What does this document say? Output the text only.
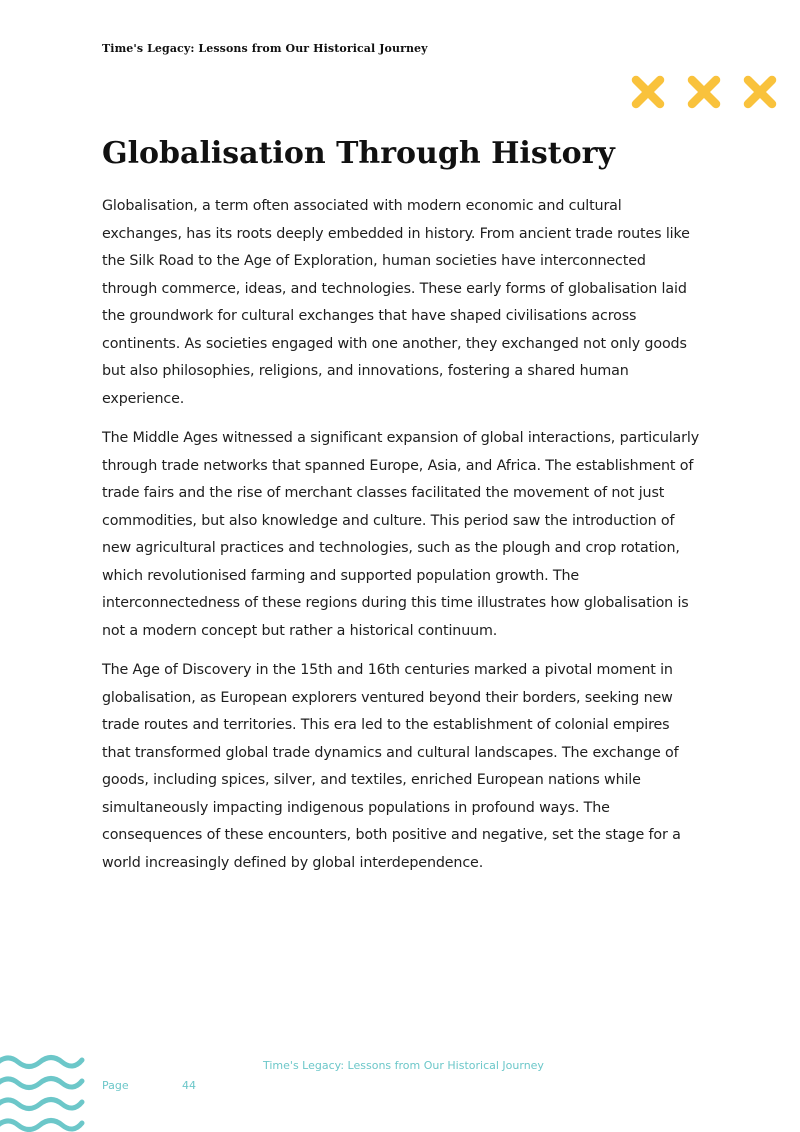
Time's Legacy: Lessons from Our Historical Journey
Globalisation Through History

Globalisation, a term often associated with modern economic and cultural exchanges, has its roots deeply embedded in history. From ancient trade routes like the Silk Road to the Age of Exploration, human societies have interconnected through commerce, ideas, and technologies. These early forms of globalisation laid the groundwork for cultural exchanges that have shaped civilisations across continents. As societies engaged with one another, they exchanged not only goods but also philosophies, religions, and innovations, fostering a shared human experience.

The Middle Ages witnessed a significant expansion of global interactions, particularly through trade networks that spanned Europe, Asia, and Africa. The establishment of trade fairs and the rise of merchant classes facilitated the movement of not just commodities, but also knowledge and culture. This period saw the introduction of new agricultural practices and technologies, such as the plough and crop rotation, which revolutionised farming and supported population growth. The interconnectedness of these regions during this time illustrates how globalisation is not a modern concept but rather a historical continuum.

The Age of Discovery in the 15th and 16th centuries marked a pivotal moment in globalisation, as European explorers ventured beyond their borders, seeking new trade routes and territories. This era led to the establishment of colonial empires that transformed global trade dynamics and cultural landscapes. The exchange of goods, including spices, silver, and textiles, enriched European nations while simultaneously impacting indigenous populations in profound ways. The consequences of these encounters, both positive and negative, set the stage for a world increasingly defined by global interdependence.

Time's Legacy: Lessons from Our Historical Journey
Page	44
